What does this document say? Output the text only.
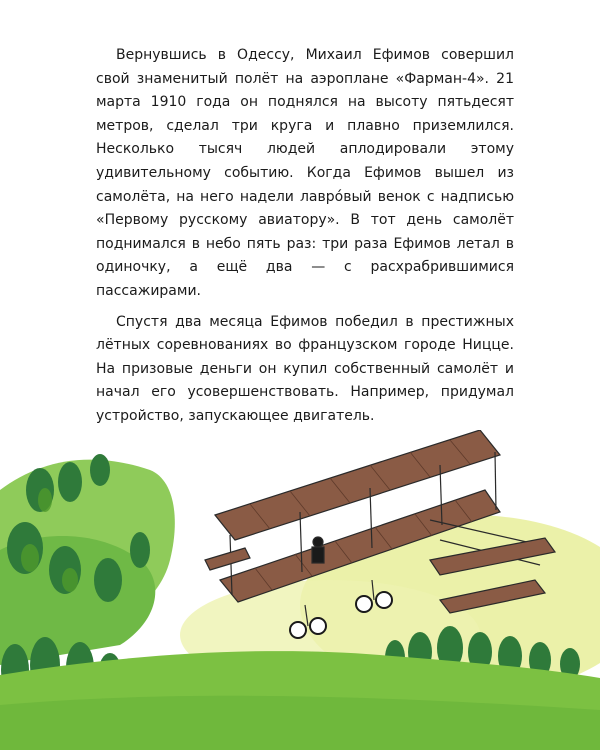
Вернувшись в Одессу, Михаил Ефимов совершил свой знаменитый полёт на аэроплане «Фарман-4». 21 марта 1910 года он поднялся на высоту пятьдесят метров, сделал три круга и плавно приземлился. Несколько тысяч людей аплодировали этому удивительному событию. Когда Ефимов вышел из самолёта, на него надели лавро́вый венок с надписью «Первому русскому авиатору». В тот день самолёт поднимался в небо пять раз: три раза Ефимов летал в одиночку, а ещё два — с расхрабрившимися пассажирами.

Спустя два месяца Ефимов победил в престижных лётных соревнованиях во французском городе Ницце. На призовые деньги он купил собственный самолёт и начал его усовершенствовать. Например, придумал устройство, запускающее двигатель.
